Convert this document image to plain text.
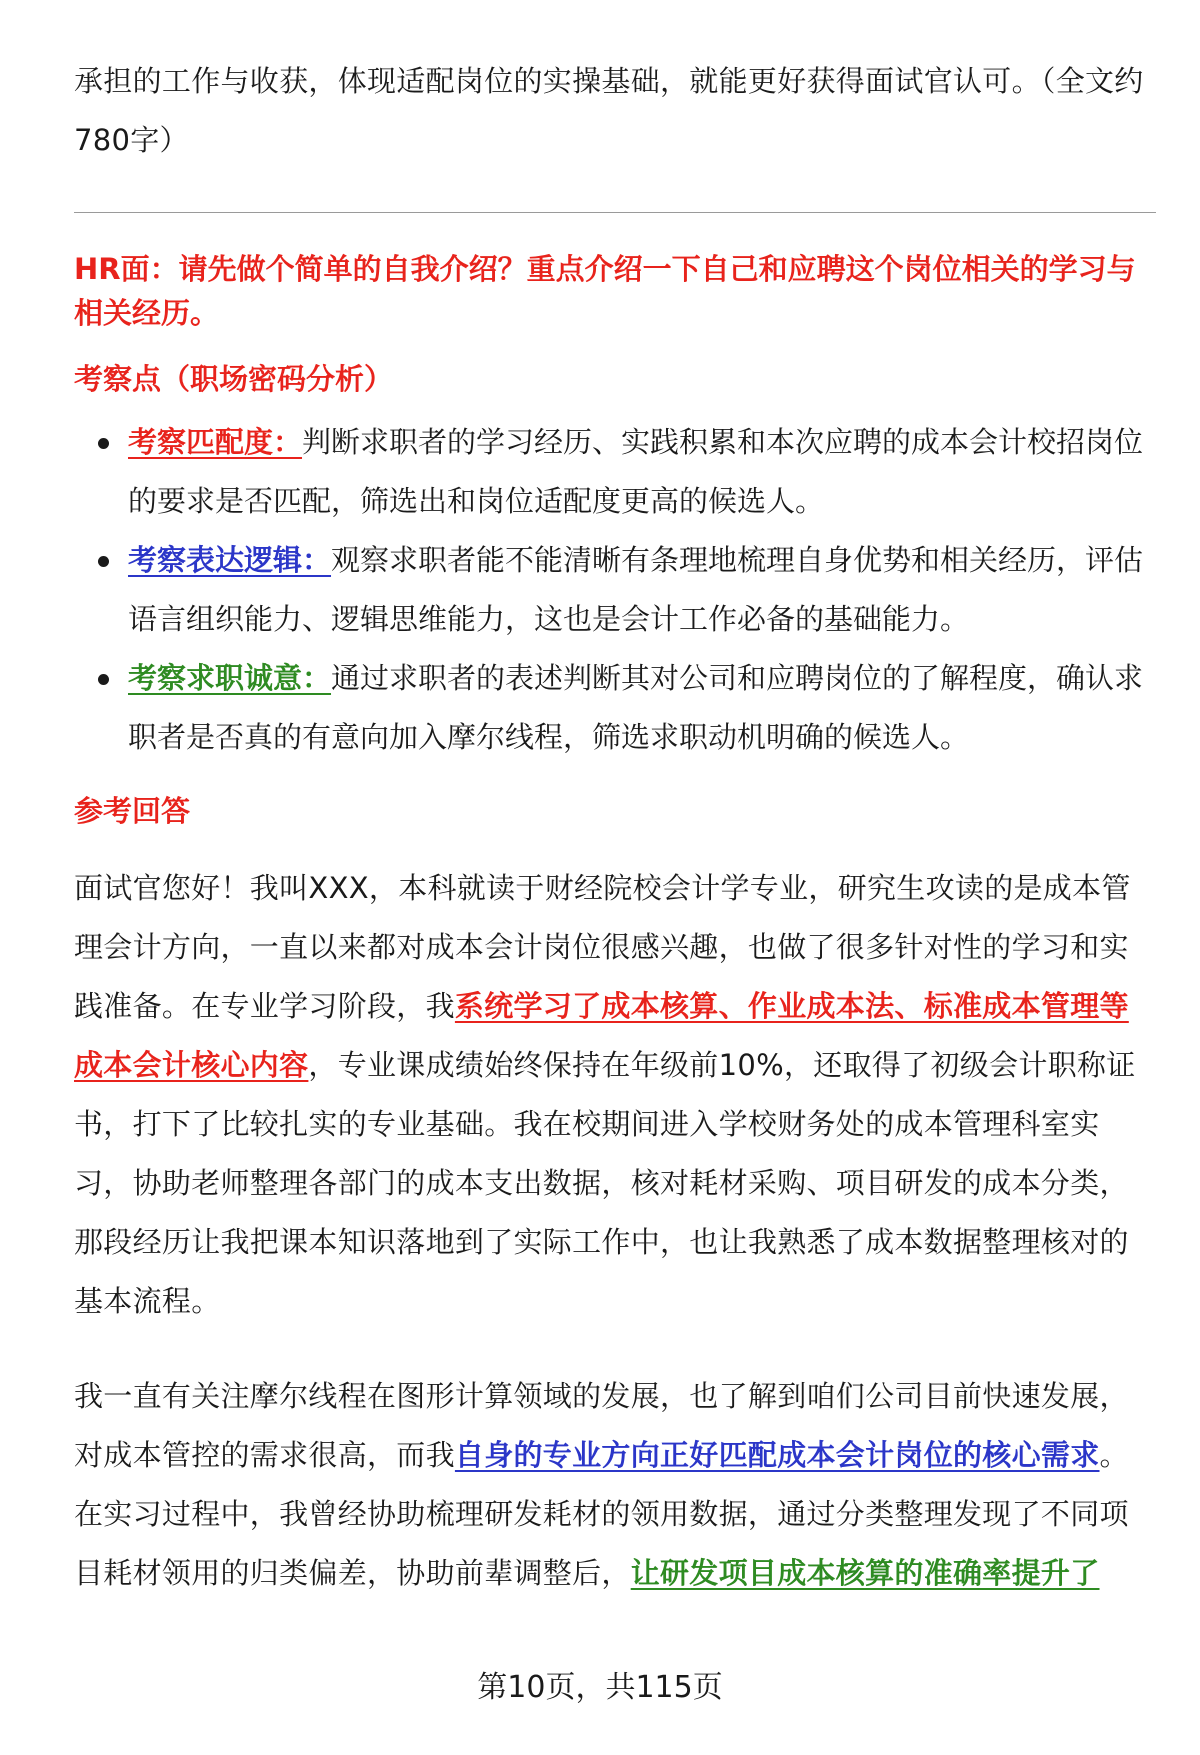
承担的工作与收获，体现适配岗位的实操基础，就能更好获得面试官认可。（全文约780字）

HR面：请先做个简单的自我介绍？重点介绍一下自己和应聘这个岗位相关的学习与相关经历。

考察点（职场密码分析）

考察匹配度：判断求职者的学习经历、实践积累和本次应聘的成本会计校招岗位的要求是否匹配，筛选出和岗位适配度更高的候选人。
考察表达逻辑：观察求职者能不能清晰有条理地梳理自身优势和相关经历，评估语言组织能力、逻辑思维能力，这也是会计工作必备的基础能力。
考察求职诚意：通过求职者的表述判断其对公司和应聘岗位的了解程度，确认求职者是否真的有意向加入摩尔线程，筛选求职动机明确的候选人。

参考回答

面试官您好！我叫XXX，本科就读于财经院校会计学专业，研究生攻读的是成本管理会计方向，一直以来都对成本会计岗位很感兴趣，也做了很多针对性的学习和实践准备。在专业学习阶段，我系统学习了成本核算、作业成本法、标准成本管理等成本会计核心内容，专业课成绩始终保持在年级前10%，还取得了初级会计职称证书，打下了比较扎实的专业基础。我在校期间进入学校财务处的成本管理科室实习，协助老师整理各部门的成本支出数据，核对耗材采购、项目研发的成本分类，那段经历让我把课本知识落地到了实际工作中，也让我熟悉了成本数据整理核对的基本流程。

我一直有关注摩尔线程在图形计算领域的发展，也了解到咱们公司目前快速发展，对成本管控的需求很高，而我自身的专业方向正好匹配成本会计岗位的核心需求。在实习过程中，我曾经协助梳理研发耗材的领用数据，通过分类整理发现了不同项目耗材领用的归类偏差，协助前辈调整后，让研发项目成本核算的准确率提升了

第10页，共115页
